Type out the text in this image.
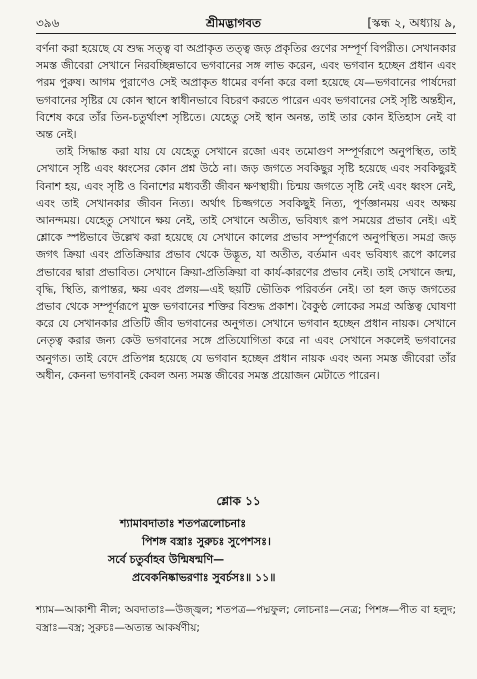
৩৯৬	শ্রীমদ্ভাগবত	[স্কন্ধ ২, অধ্যায় ৯,

বর্ণনা করা হয়েছে যে শুদ্ধ সত্ত্ব বা অপ্রাকৃত তত্ত্ব জড় প্রকৃতির গুণের সম্পূর্ণ বিপরীত। সেখানকার সমস্ত জীবেরা সেখানে নিরবচ্ছিন্নভাবে ভগবানের সঙ্গ লাভ করেন, এবং ভগবান হচ্ছেন প্রধান এবং পরম পুরুষ। আগম পুরাণেও সেই অপ্রাকৃত ধামের বর্ণনা করে বলা হয়েছে যে—ভগবানের পার্ষদেরা ভগবানের সৃষ্টির যে কোন স্থানে স্বাধীনভাবে বিচরণ করতে পারেন এবং ভগবানের সেই সৃষ্টি অন্তহীন, বিশেষ করে তাঁর তিন-চতুর্থাংশ সৃষ্টিতে। যেহেতু সেই স্থান অনন্ত, তাই তার কোন ইতিহাস নেই বা অন্ত নেই।

তাই সিদ্ধান্ত করা যায় যে যেহেতু সেখানে রজো এবং তমোগুণ সম্পূর্ণরূপে অনুপস্থিত, তাই সেখানে সৃষ্টি এবং ধ্বংসের কোন প্রশ্ন উঠে না। জড় জগতে সবকিছুর সৃষ্টি হয়েছে এবং সবকিছুরই বিনাশ হয়, এবং সৃষ্টি ও বিনাশের মধ্যবর্তী জীবন ক্ষণস্থায়ী। চিন্ময় জগতে সৃষ্টি নেই এবং ধ্বংস নেই, এবং তাই সেখানকার জীবন নিত্য। অর্থাৎ চিজ্জগতে সবকিছুই নিত্য, পূর্ণজ্ঞানময় এবং অক্ষয় আনন্দময়। যেহেতু সেখানে ক্ষয় নেই, তাই সেখানে অতীত, ভবিষ্যৎ রূপ সময়ের প্রভাব নেই। এই শ্লোকে স্পষ্টভাবে উল্লেখ করা হয়েছে যে সেখানে কালের প্রভাব সম্পূর্ণরূপে অনুপস্থিত। সমগ্র জড় জগৎ ক্রিয়া এবং প্রতিক্রিয়ার প্রভাব থেকে উদ্ভূত, যা অতীত, বর্তমান এবং ভবিষ্যৎ রূপে কালের প্রভাবের দ্বারা প্রভাবিত। সেখানে ক্রিয়া-প্রতিক্রিয়া বা কার্য-কারণের প্রভাব নেই। তাই সেখানে জন্ম, বৃদ্ধি, স্থিতি, রূপান্তর, ক্ষয় এবং প্রলয়—এই ছয়টি ভৌতিক পরিবর্তন নেই। তা হল জড় জগতের প্রভাব থেকে সম্পূর্ণরূপে মুক্ত ভগবানের শক্তির বিশুদ্ধ প্রকাশ। বৈকুণ্ঠ লোকের সমগ্র অস্তিত্ব ঘোষণা করে যে সেখানকার প্রতিটি জীব ভগবানের অনুগত। সেখানে ভগবান হচ্ছেন প্রধান নায়ক। সেখানে নেতৃত্ব করার জন্য কেউ ভগবানের সঙ্গে প্রতিযোগিতা করে না এবং সেখানে সকলেই ভগবানের অনুগত। তাই বেদে প্রতিপন্ন হয়েছে যে ভগবান হচ্ছেন প্রধান নায়ক এবং অন্য সমস্ত জীবেরা তাঁর অধীন, কেননা ভগবানই কেবল অন্য সমস্ত জীবের সমস্ত প্রয়োজন মেটাতে পারেন।

শ্লোক ১১
শ্যামাবদাতাঃ শতপত্রলোচনাঃ
পিশঙ্গ বস্ত্রাঃ সুরুচঃ সুপেশসঃ।
সর্বে চতুর্বাহব উন্মিষন্মণি—
প্রবেকনিষ্কাভরণাঃ সুবর্চসঃ॥ ১১॥
শ্যাম—আকাশী নীল; অবদাতাঃ—উজ্জ্বল; শতপত্র—পদ্মফুল; লোচনাঃ—নেত্র; পিশঙ্গ—পীত বা হলুদ; বস্ত্রাঃ—বস্ত্র; সুরুচঃ—অত্যন্ত আকর্ষণীয়;
